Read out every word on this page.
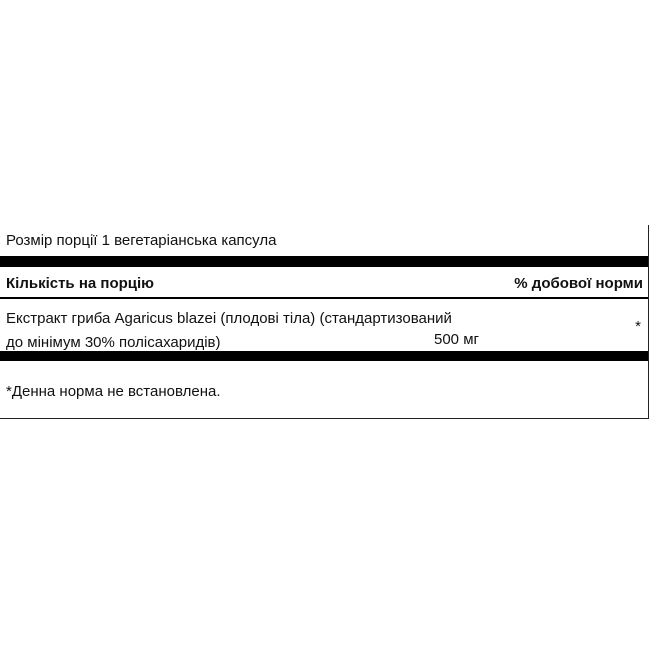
Розмір порції 1 вегетаріанська капсула
Кількість на порцію	% добової норми
Екстракт гриба Agaricus blazei (плодові тіла) (стандартизований
до мінімум 30% полісахаридів)	500 мг
*
*Денна норма не встановлена.
